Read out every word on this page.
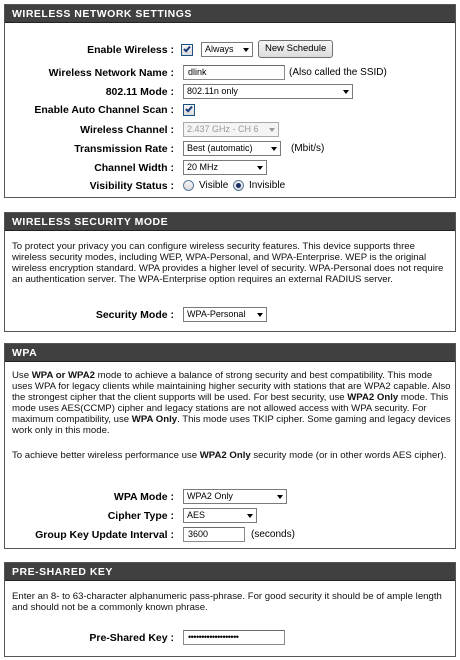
WIRELESS NETWORK SETTINGS
Enable Wireless :	Always	New Schedule
Wireless Network Name :	dlink	(Also called the SSID)
802.11 Mode :	802.11n only
Enable Auto Channel Scan :
Wireless Channel :	2.437 GHz - CH 6
Transmission Rate :	Best (automatic)	(Mbit/s)
Channel Width :	20 MHz
Visibility Status :	Visible Invisible
WIRELESS SECURITY MODE
To protect your privacy you can configure wireless security features. This device supports three wireless security modes, including WEP, WPA-Personal, and WPA-Enterprise. WEP is the original wireless encryption standard. WPA provides a higher level of security. WPA-Personal does not require an authentication server. The WPA-Enterprise option requires an external RADIUS server.
Security Mode :	WPA-Personal
WPA
Use WPA or WPA2 mode to achieve a balance of strong security and best compatibility. This mode uses WPA for legacy clients while maintaining higher security with stations that are WPA2 capable. Also the strongest cipher that the client supports will be used. For best security, use WPA2 Only mode. This mode uses AES(CCMP) cipher and legacy stations are not allowed access with WPA security. For maximum compatibility, use WPA Only. This mode uses TKIP cipher. Some gaming and legacy devices work only in this mode.
To achieve better wireless performance use WPA2 Only security mode (or in other words AES cipher).
WPA Mode :	WPA2 Only
Cipher Type :	AES
Group Key Update Interval :	3600	(seconds)
PRE-SHARED KEY
Enter an 8- to 63-character alphanumeric pass-phrase. For good security it should be of ample length and should not be a commonly known phrase.
Pre-Shared Key :	•••••••••••••••••••
